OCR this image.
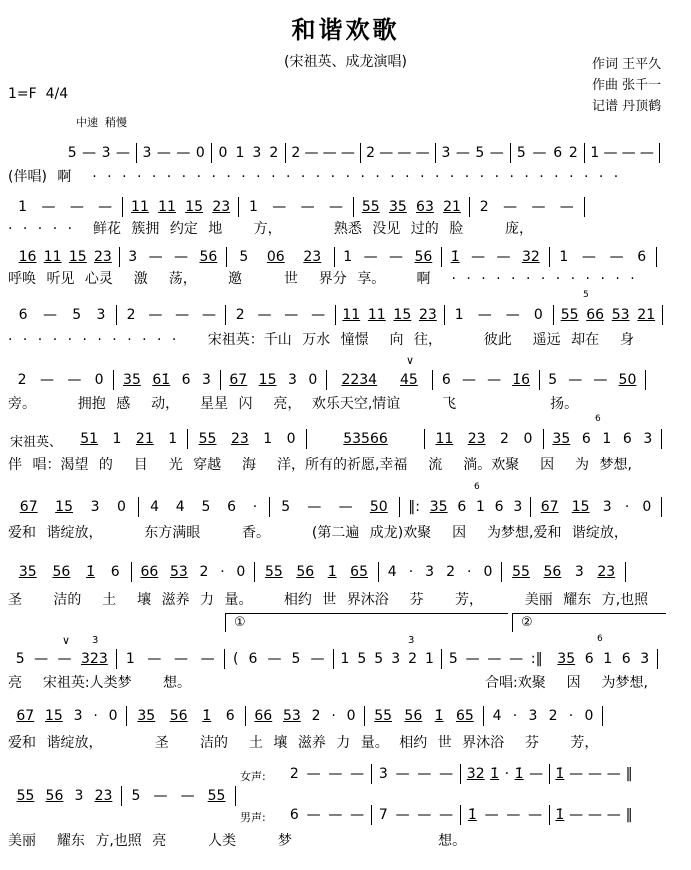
和谐欢歌
(宋祖英、成龙演唱)	作词 王平久
作曲 张千一
记谱 丹顶鹤
1=F  4/4
中速  稍慢
5 — 3 — 3 — — 0 0 1 3 2 2 — — — 2 — — — 3 — 5 — 5 — 6 2 1 — — —
1 — — — 11 11 15 23 1 — — — 55 35 63 21 2 — — —
16 11 15 23 3 — — 56 5 06 23 1 — — 56 1̇ — — 32 1 — — 6
6 — 5 3 2 — — — 2 — — — 11 11 15 23 1 — — 0 55 66 53 21
2 — — 0 35 61̇ 6 3 67 15 3 0 2234 45 6 — — 1̇6 5 — — 50
宋祖英、 51 1 21 1 55 23 1 0	53566	11 23 2 0 35 6 1 6 3
67 15 3 0 4 4 5 6 · 5 — — 50 ‖: 35 6 1 6 3 67 15 3 · 0
35 56 1̇ 6 66 53 2 · 0 55 56 1̇ 65 4 · 3 2 · 0 55 56 3 23
5 — — 323 1 — — — ( 6 — 5 — 1 5 5 3 2 1 5 — — — :‖ 35 6 1 6 3
67 15 3 · 0 35 56 1̇ 6 66 53 2 · 0 55 56 1̇ 65 4 · 3 2 · 0
55 56 3 23 5 — — 55
女声: 2 — — — 3 — — — 32 1̇ · 1̇ — 1̇ — — — ‖
男声: 6 — — — 7 — — — 1̇ — — — 1̇ — — — ‖
(伴唱) 啊  · · · · · · · · · · · · · · · · · · · · · · · · · · · · · · · · · · · ·
· · · · ·  鲜花 簇拥 约定 地   方，     熟悉 没见 过的 脸    庞，
呼唤 听见 心灵  激  荡，   邀    世  界分 享。   啊  · · · · · · · · · · · · ·
· · · · · · · · · · · ·   宋祖英：千山 万水 憧憬  向 往，    彼此  遥远 却在  身
旁。    拥抱 感  动，  星星 闪  亮， 欢乐天空,情谊    飞         扬。
伴 唱：渴望 的  目  光 穿越  海  洋，所有的祈愿,幸福  流  淌。欢聚  因  为 梦想,
爱和 谐绽放，    东方满眼    香。    (第二遍 成龙)欢聚  因  为梦想,爱和 谐绽放，
圣   洁的  土  壤 滋养 力 量。   相约 世 界沐浴  芬   芳，    美丽 耀东 方,也照
亮  宋祖英:人类梦   想。	合唱:欢聚  因  为梦想,
爱和 谐绽放，     圣   洁的  土 壤 滋养 力 量。 相约 世 界沐浴  芬   芳，
美丽  耀东 方,也照 亮    人类    梦              想。
①	②
5
6
6
6
3	3
∨
∨
